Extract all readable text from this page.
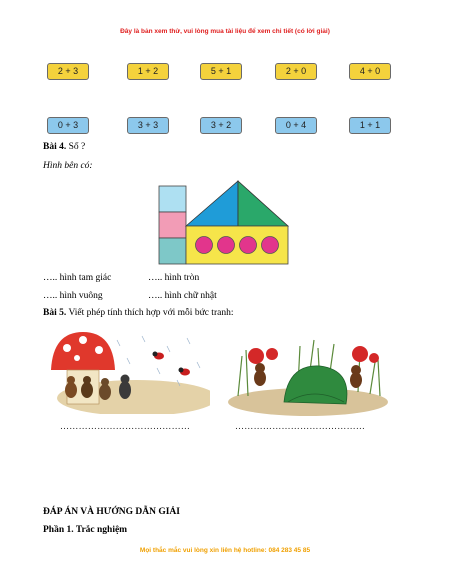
Đây là bản xem thử, vui lòng mua tài liệu để xem chi tiết (có lời giải)
2 + 3	1 + 2	5 + 1	2 + 0	4 + 0
0 + 3	3 + 3	3 + 2	0 + 4	1 + 1
Bài 4. Số ?
Hình bên có:
….. hình tam giác	….. hình tròn
….. hình vuông	….. hình chữ nhật
Bài 5. Viết phép tính thích hợp với mỗi bức tranh:
……………………………………	……………………………………
ĐÁP ÁN VÀ HƯỚNG DẪN GIẢI
Phần 1. Trắc nghiệm
Mọi thắc mắc vui lòng xin liên hệ hotline: 084 283 45 85
